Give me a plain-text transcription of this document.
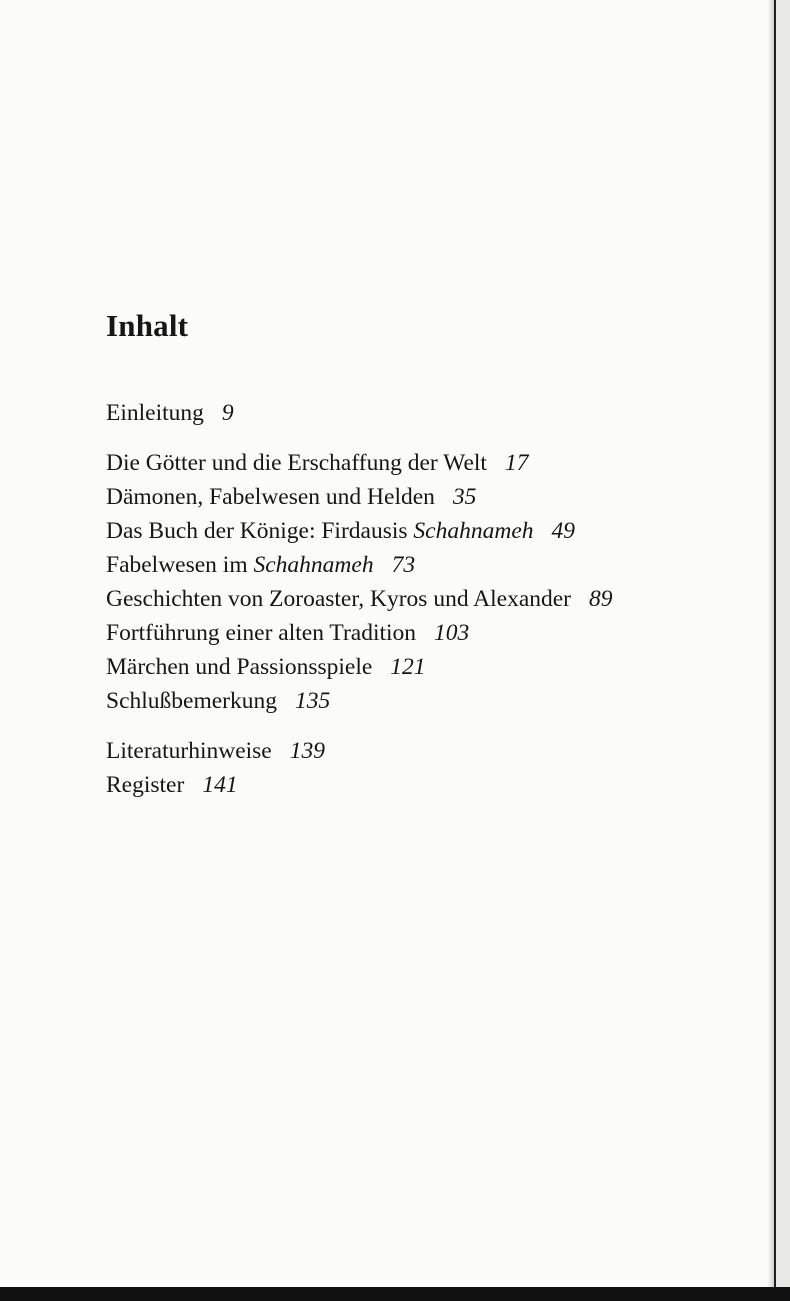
Inhalt
Einleitung 9
Die Götter und die Erschaffung der Welt 17
Dämonen, Fabelwesen und Helden 35
Das Buch der Könige: Firdausis Schahnameh 49
Fabelwesen im Schahnameh 73
Geschichten von Zoroaster, Kyros und Alexander 89
Fortführung einer alten Tradition 103
Märchen und Passionsspiele 121
Schlußbemerkung 135
Literaturhinweise 139
Register 141
